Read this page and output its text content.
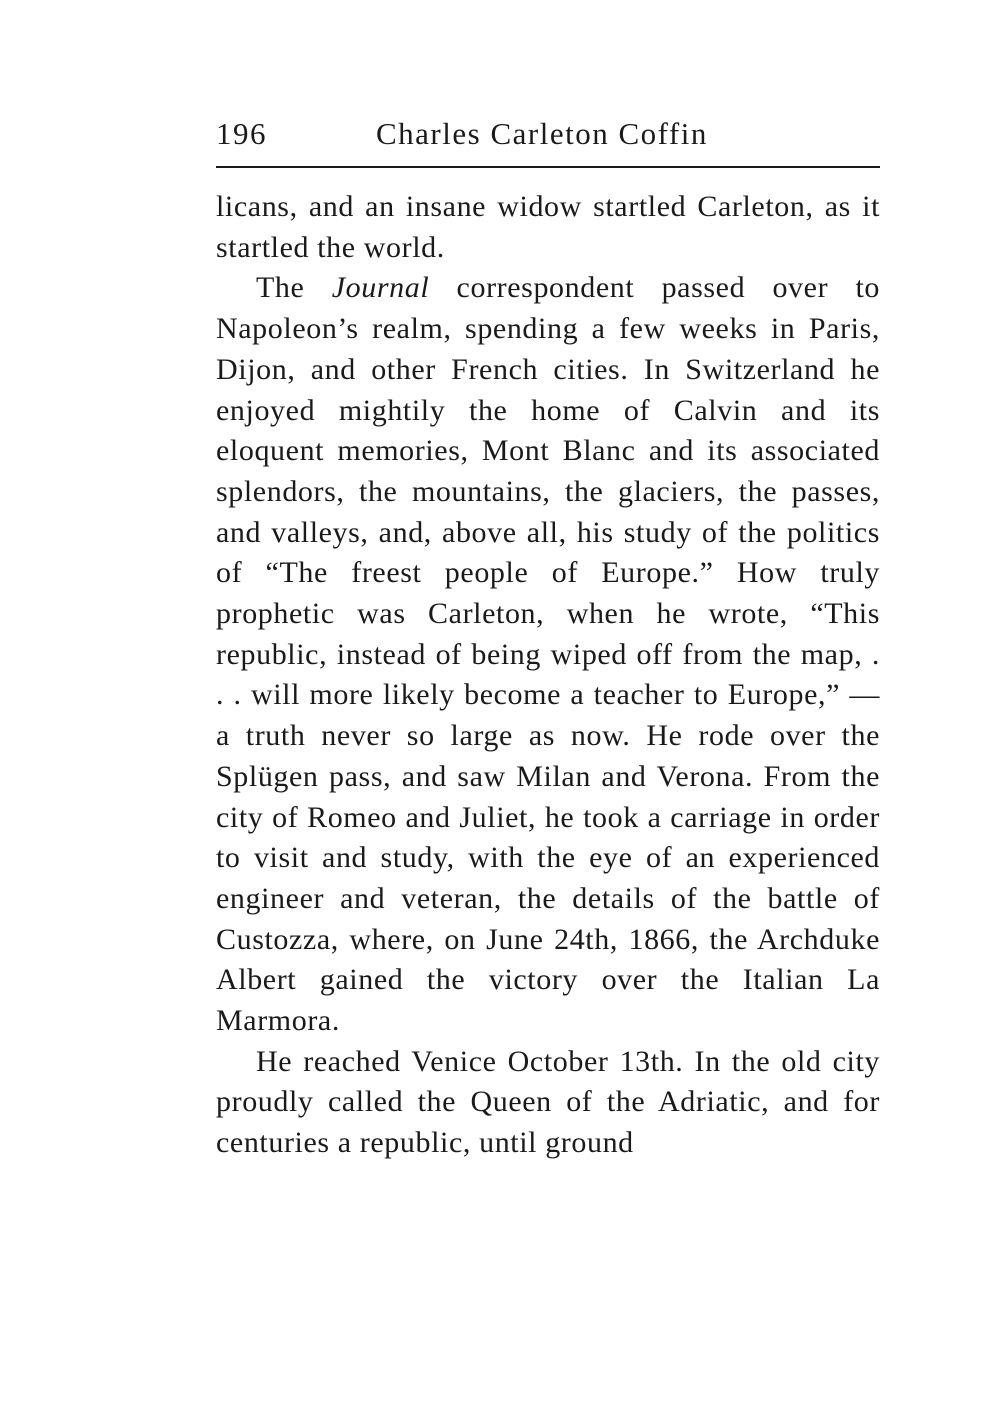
196	Charles Carleton Coffin

licans, and an insane widow startled Carleton, as it startled the world.

The Journal correspondent passed over to Napoleon’s realm, spending a few weeks in Paris, Dijon, and other French cities. In Switzerland he enjoyed mightily the home of Calvin and its eloquent memories, Mont Blanc and its associated splendors, the mountains, the glaciers, the passes, and valleys, and, above all, his study of the politics of “The freest people of Europe.” How truly prophetic was Carleton, when he wrote, “This republic, instead of being wiped off from the map, . . . will more likely become a teacher to Europe,” — a truth never so large as now. He rode over the Splügen pass, and saw Milan and Verona. From the city of Romeo and Juliet, he took a carriage in order to visit and study, with the eye of an experienced engineer and veteran, the details of the battle of Custozza, where, on June 24th, 1866, the Archduke Albert gained the victory over the Italian La Marmora.

He reached Venice October 13th. In the old city proudly called the Queen of the Adriatic, and for centuries a republic, until ground
